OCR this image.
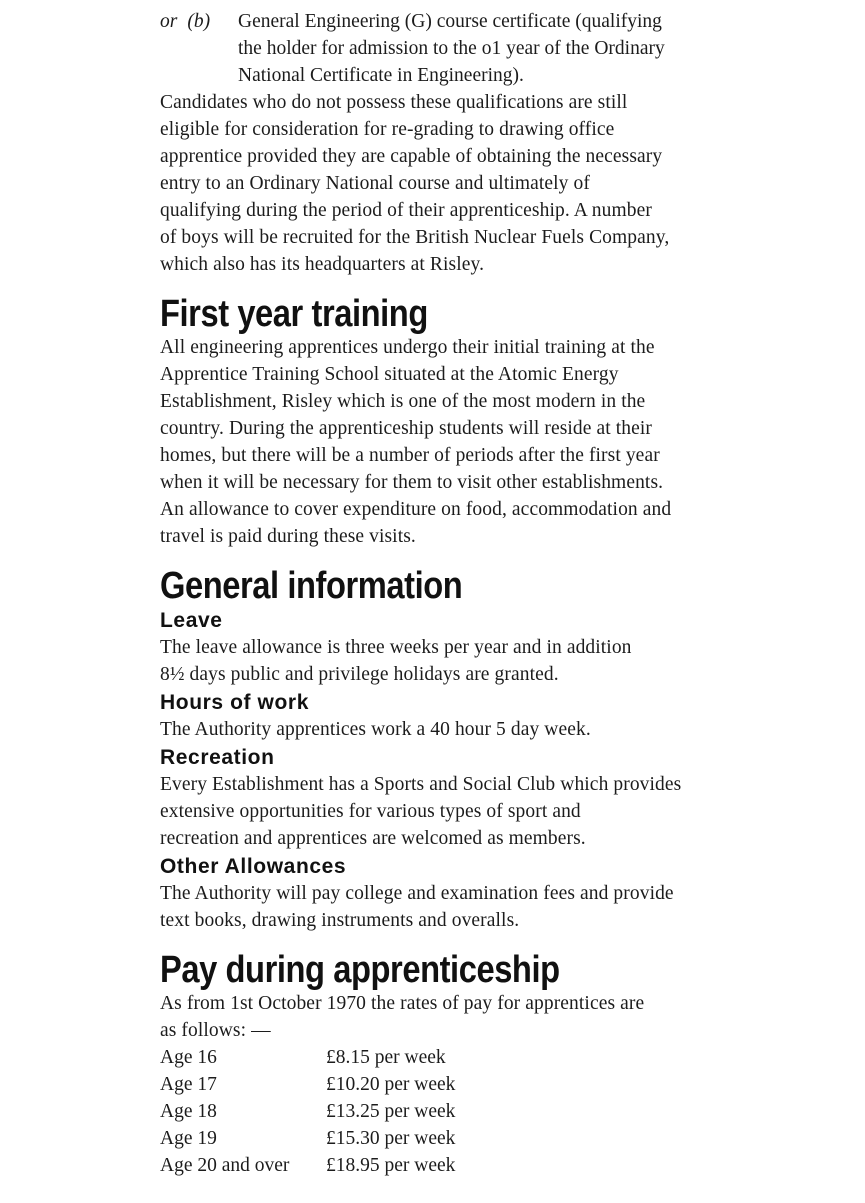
or (b)	General Engineering (G) course certificate (qualifying
the holder for admission to the o1 year of the Ordinary
National Certificate in Engineering).

Candidates who do not possess these qualifications are still
eligible for consideration for re-grading to drawing office
apprentice provided they are capable of obtaining the necessary
entry to an Ordinary National course and ultimately of
qualifying during the period of their apprenticeship. A number
of boys will be recruited for the British Nuclear Fuels Company,
which also has its headquarters at Risley.

First year training

All engineering apprentices undergo their initial training at the
Apprentice Training School situated at the Atomic Energy
Establishment, Risley which is one of the most modern in the
country. During the apprenticeship students will reside at their
homes, but there will be a number of periods after the first year
when it will be necessary for them to visit other establishments.
An allowance to cover expenditure on food, accommodation and
travel is paid during these visits.

General information
Leave

The leave allowance is three weeks per year and in addition
8½ days public and privilege holidays are granted.

Hours of work

The Authority apprentices work a 40 hour 5 day week.

Recreation

Every Establishment has a Sports and Social Club which provides
extensive opportunities for various types of sport and
recreation and apprentices are welcomed as members.

Other Allowances

The Authority will pay college and examination fees and provide
text books, drawing instruments and overalls.

Pay during apprenticeship

As from 1st October 1970 the rates of pay for apprentices are
as follows: —

Age 16	£8.15 per week
Age 17	£10.20 per week
Age 18	£13.25 per week
Age 19	£15.30 per week
Age 20 and over	£18.95 per week
